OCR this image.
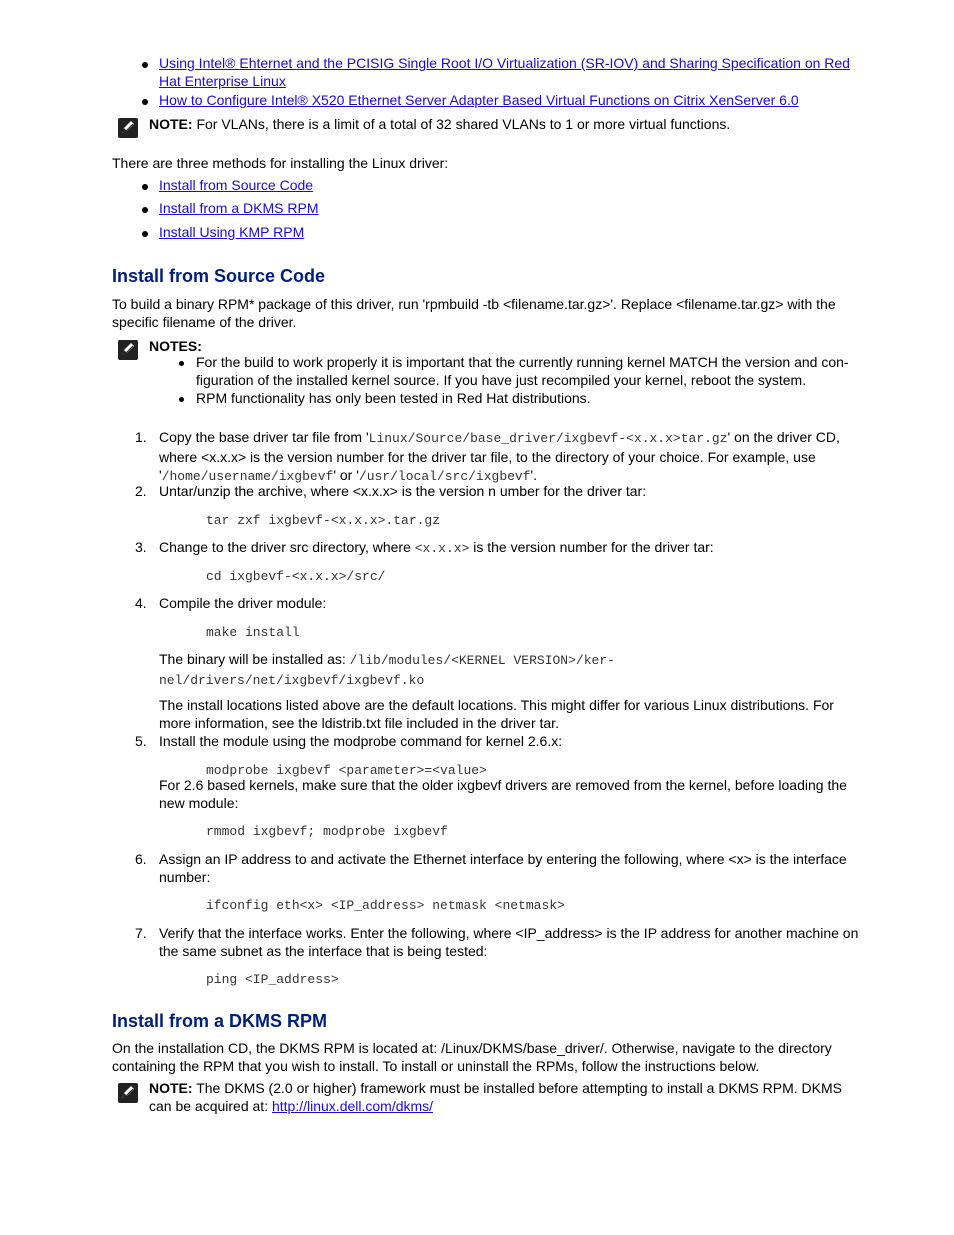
Using Intel® Ehternet and the PCISIG Single Root I/O Virtualization (SR-IOV) and Sharing Specification on Red Hat Enterprise Linux
How to Configure Intel® X520 Ethernet Server Adapter Based Virtual Functions on Citrix XenServer 6.0
NOTE: For VLANs, there is a limit of a total of 32 shared VLANs to 1 or more virtual functions.
There are three methods for installing the Linux driver:
Install from Source Code
Install from a DKMS RPM
Install Using KMP RPM
Install from Source Code
To build a binary RPM* package of this driver, run 'rpmbuild -tb <filename.tar.gz>'. Replace <filename.tar.gz> with the specific filename of the driver.
NOTES:
For the build to work properly it is important that the currently running kernel MATCH the version and con-figuration of the installed kernel source. If you have just recompiled your kernel, reboot the system.
RPM functionality has only been tested in Red Hat distributions.
1. Copy the base driver tar file from 'Linux/Source/base_driver/ixgbevf-<x.x.x>tar.gz' on the driver CD, where <x.x.x> is the version number for the driver tar file, to the directory of your choice. For example, use '/home/username/ixgbevf' or '/usr/local/src/ixgbevf'.
2. Untar/unzip the archive, where <x.x.x> is the version n umber for the driver tar:
tar zxf ixgbevf-<x.x.x>.tar.gz
3. Change to the driver src directory, where <x.x.x> is the version number for the driver tar:
cd ixgbevf-<x.x.x>/src/
4. Compile the driver module:
make install
The binary will be installed as: /lib/modules/<KERNEL VERSION>/ker-
nel/drivers/net/ixgbevf/ixgbevf.ko
The install locations listed above are the default locations. This might differ for various Linux distributions. For more information, see the ldistrib.txt file included in the driver tar.
5. Install the module using the modprobe command for kernel 2.6.x:
modprobe ixgbevf <parameter>=<value>
For 2.6 based kernels, make sure that the older ixgbevf drivers are removed from the kernel, before loading the new module:
rmmod ixgbevf; modprobe ixgbevf
6. Assign an IP address to and activate the Ethernet interface by entering the following, where <x> is the interface number:
ifconfig eth<x> <IP_address> netmask <netmask>
7. Verify that the interface works. Enter the following, where <IP_address> is the IP address for another machine on the same subnet as the interface that is being tested:
ping <IP_address>
Install from a DKMS RPM
On the installation CD, the DKMS RPM is located at: /Linux/DKMS/base_driver/. Otherwise, navigate to the directory containing the RPM that you wish to install. To install or uninstall the RPMs, follow the instructions below.
NOTE: The DKMS (2.0 or higher) framework must be installed before attempting to install a DKMS RPM. DKMS can be acquired at: http://linux.dell.com/dkms/
